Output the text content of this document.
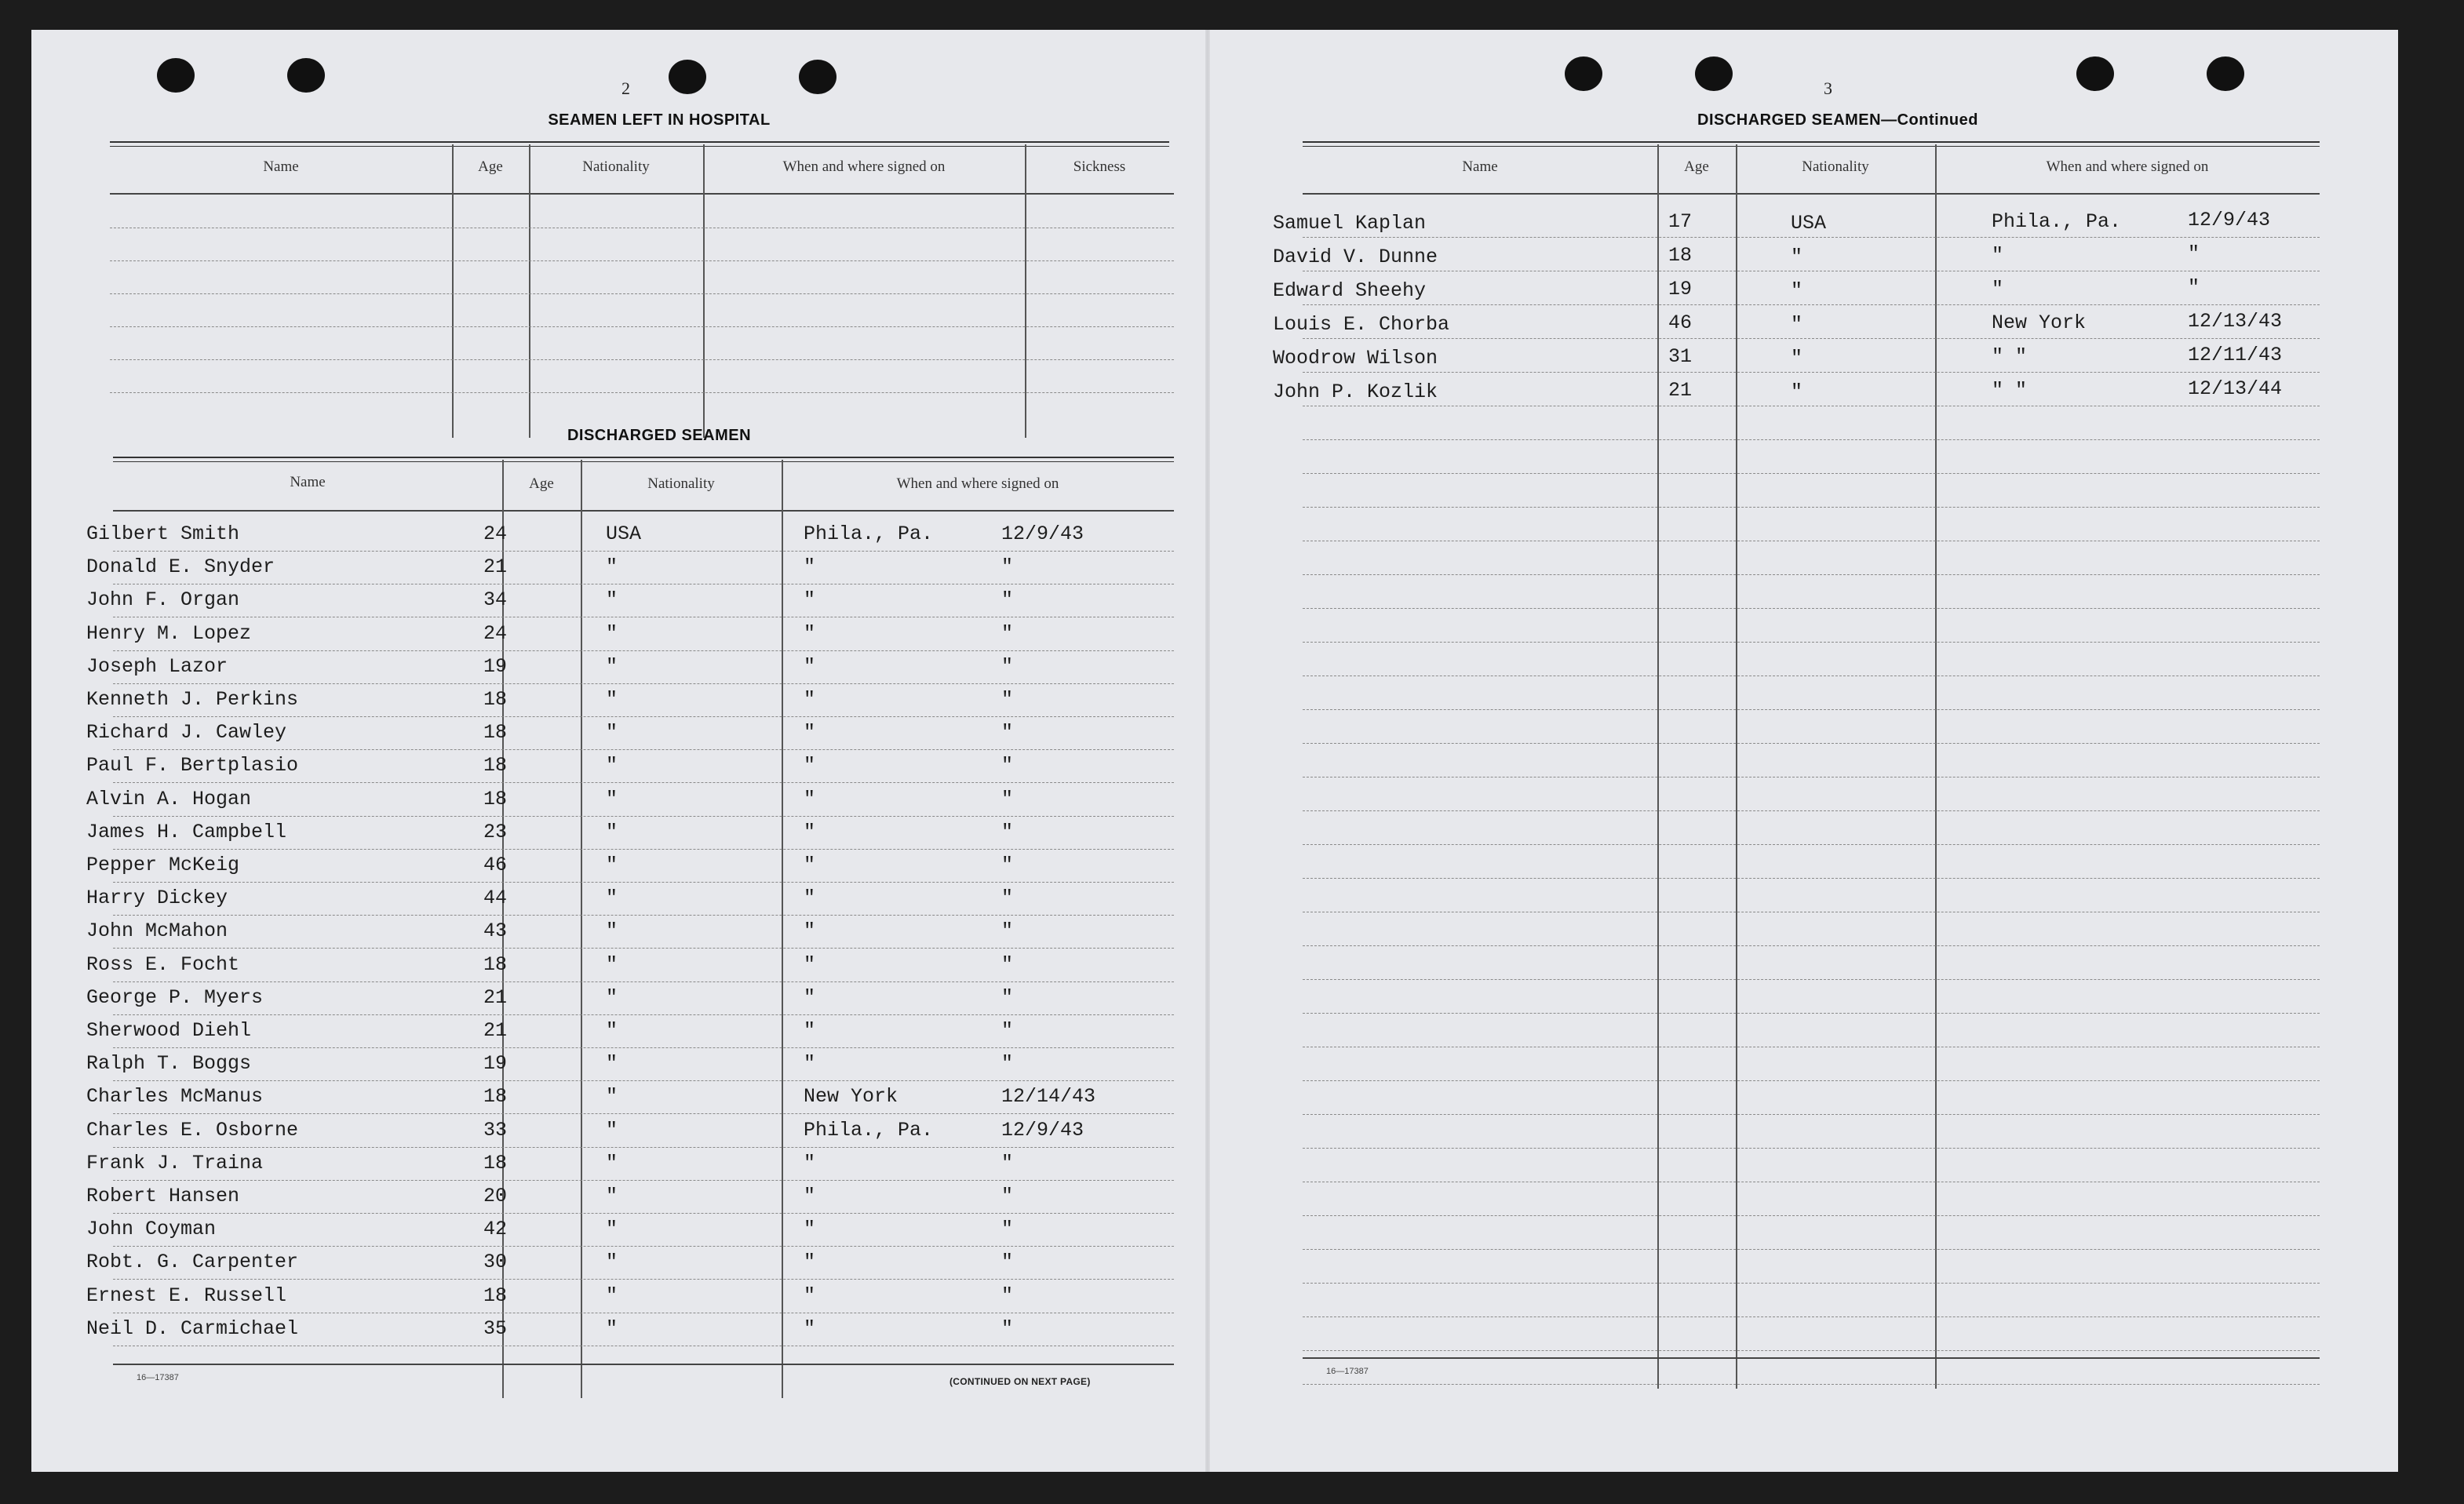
2
SEAMEN LEFT IN HOSPITAL
Name	Age	Nationality	When and where signed on	Sickness
DISCHARGED SEAMEN
Name	Age	Nationality	When and where signed on
Gilbert Smith	24	USA	Phila., Pa.	12/9/43
Donald E. Snyder	21	"	"	"
John F. Organ	34	"	"	"
Henry M. Lopez	24	"	"	"
Joseph Lazor	19	"	"	"
Kenneth J. Perkins	18	"	"	"
Richard J. Cawley	18	"	"	"
Paul F. Bertplasio	18	"	"	"
Alvin A. Hogan	18	"	"	"
James H. Campbell	23	"	"	"
Pepper McKeig	46	"	"	"
Harry Dickey	44	"	"	"
John McMahon	43	"	"	"
Ross E. Focht	18	"	"	"
George P. Myers	21	"	"	"
Sherwood Diehl	21	"	"	"
Ralph T. Boggs	19	"	"	"
Charles McManus	18	"	New York	12/14/43
Charles E. Osborne	33	"	Phila., Pa.	12/9/43
Frank J. Traina	18	"	"	"
Robert Hansen	20	"	"	"
John Coyman	42	"	"	"
Robt. G. Carpenter	30	"	"	"
Ernest E. Russell	18	"	"	"
Neil D. Carmichael	35	"	"	"
16—17387	(CONTINUED ON NEXT PAGE)
3
DISCHARGED SEAMEN—Continued
Name	Age	Nationality	When and where signed on
Samuel Kaplan	17	USA	Phila., Pa.	12/9/43
David V. Dunne	18	"	"	"
Edward Sheehy	19	"	"	"
Louis E. Chorba	46	"	New York	12/13/43
Woodrow Wilson	31	"	" "	12/11/43
John P. Kozlik	21	"	" "	12/13/44
16—17387
